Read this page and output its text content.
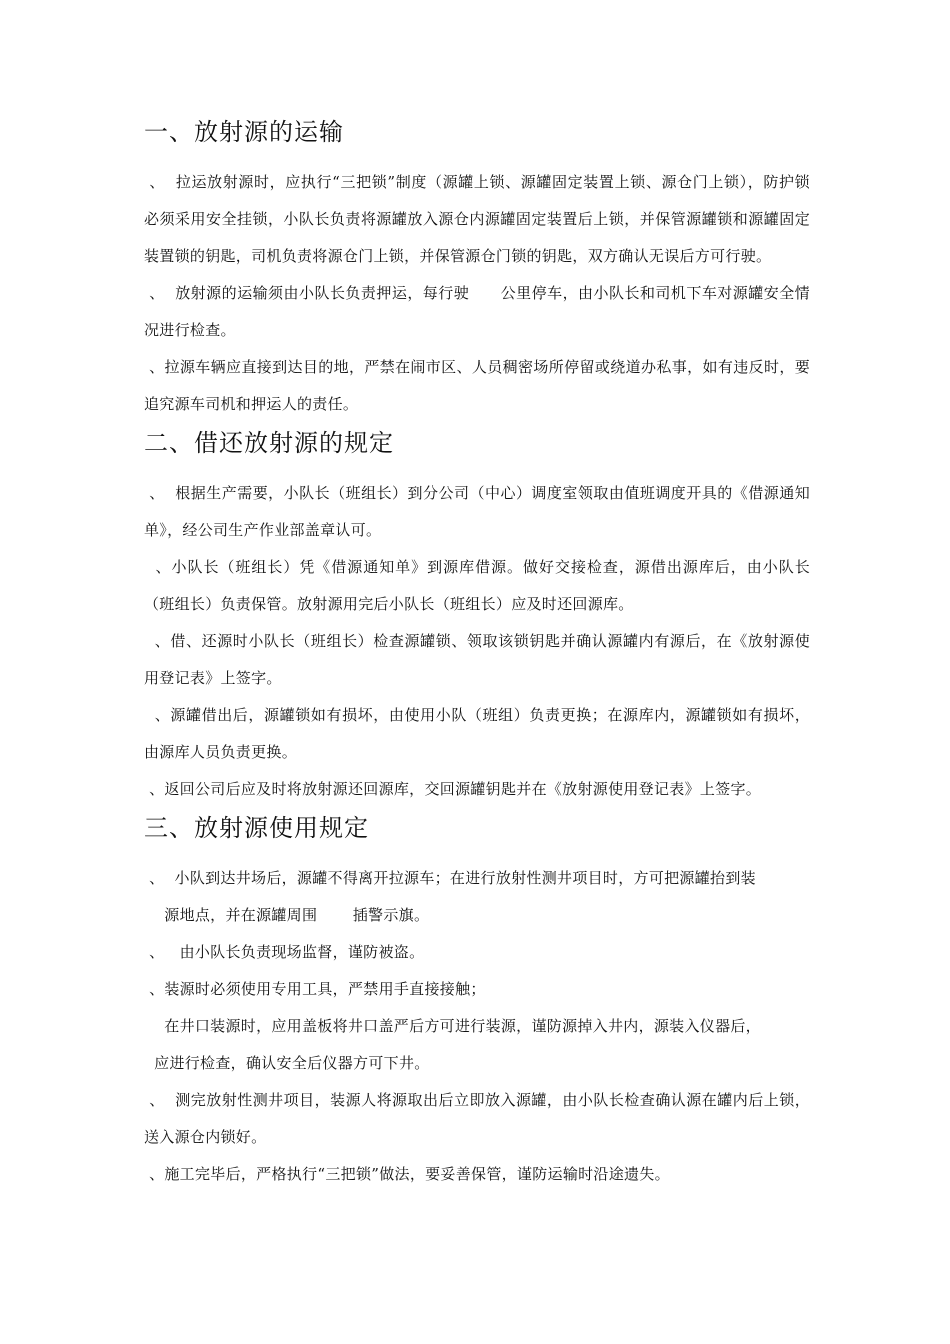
一、放射源的运输

、  拉运放射源时，应执行“三把锁”制度（源罐上锁、源罐固定装置上锁、源仓门上锁），防护锁必须采用安全挂锁，小队长负责将源罐放入源仓内源罐固定装置后上锁，并保管源罐锁和源罐固定装置锁的钥匙，司机负责将源仓门上锁，并保管源仓门锁的钥匙，双方确认无误后方可行驶。

、  放射源的运输须由小队长负责押运，每行驶      公里停车，由小队长和司机下车对源罐安全情况进行检查。

、拉源车辆应直接到达目的地，严禁在闹市区、人员稠密场所停留或绕道办私事，如有违反时，要追究源车司机和押运人的责任。

二、借还放射源的规定

、  根据生产需要，小队长（班组长）到分公司（中心）调度室领取由值班调度开具的《借源通知单》，经公司生产作业部盖章认可。

、小队长（班组长）凭《借源通知单》到源库借源。做好交接检查，源借出源库后，由小队长（班组长）负责保管。放射源用完后小队长（班组长）应及时还回源库。

、借、还源时小队长（班组长）检查源罐锁、领取该锁钥匙并确认源罐内有源后，在《放射源使用登记表》上签字。

、源罐借出后，源罐锁如有损坏，由使用小队（班组）负责更换；在源库内，源罐锁如有损坏，由源库人员负责更换。

、返回公司后应及时将放射源还回源库，交回源罐钥匙并在《放射源使用登记表》上签字。

三、放射源使用规定

、  小队到达井场后，源罐不得离开拉源车；在进行放射性测井项目时，方可把源罐抬到装

源地点，并在源罐周围       插警示旗。

、   由小队长负责现场监督，谨防被盗。

、装源时必须使用专用工具，严禁用手直接接触；

在井口装源时，应用盖板将井口盖严后方可进行装源，谨防源掉入井内，源装入仪器后，

应进行检查，确认安全后仪器方可下井。

、  测完放射性测井项目，装源人将源取出后立即放入源罐，由小队长检查确认源在罐内后上锁，送入源仓内锁好。

、施工完毕后，严格执行“三把锁”做法，要妥善保管，谨防运输时沿途遗失。
